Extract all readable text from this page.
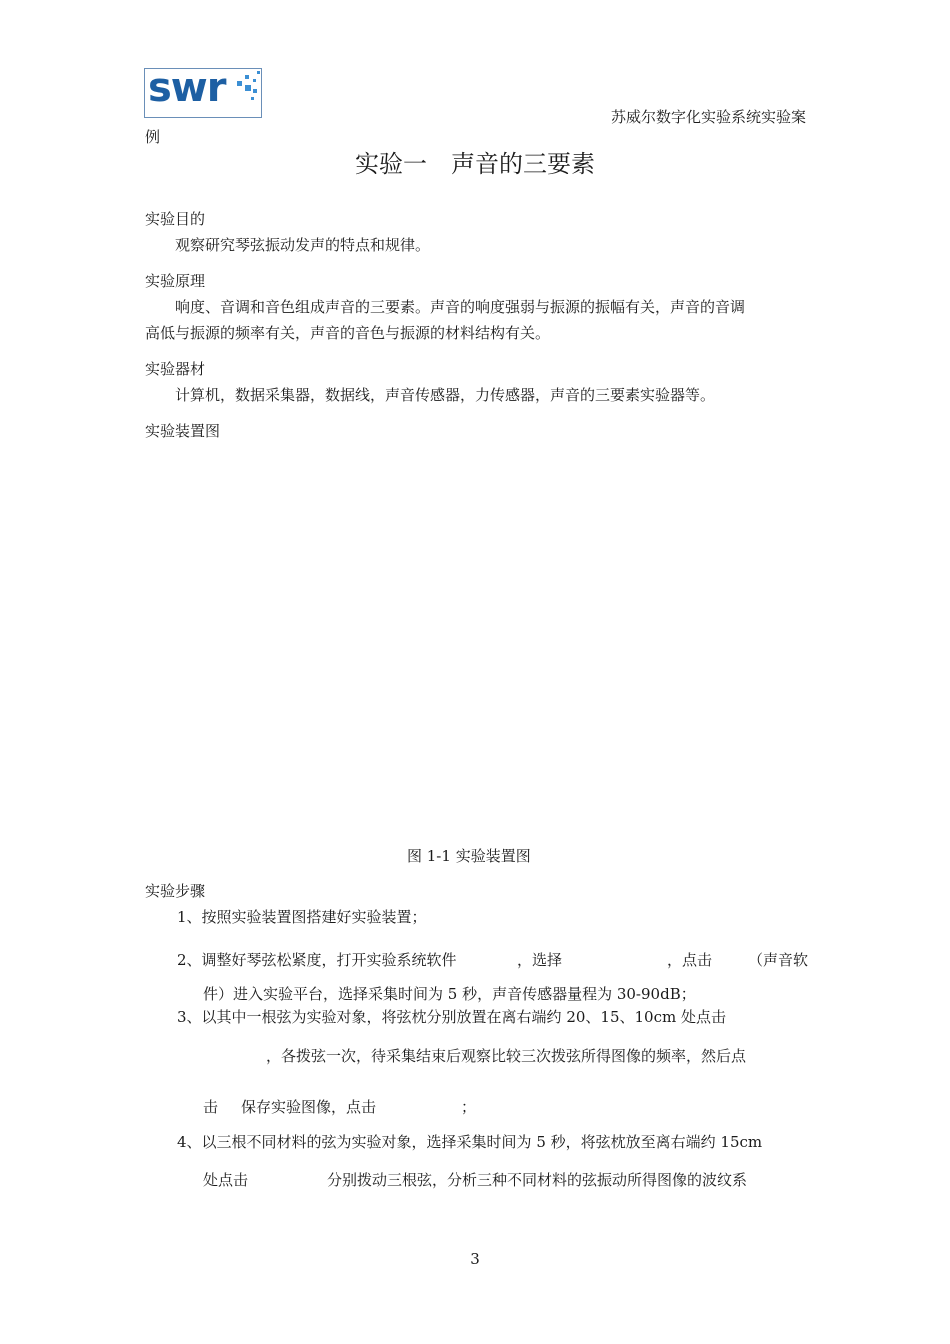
swr
苏威尔数字化实验系统实验案
例
实验一　声音的三要素
实验目的
观察研究琴弦振动发声的特点和规律。
实验原理
响度、音调和音色组成声音的三要素。声音的响度强弱与振源的振幅有关，声音的音调
高低与振源的频率有关，声音的音色与振源的材料结构有关。
实验器材
计算机，数据采集器，数据线，声音传感器，力传感器，声音的三要素实验器等。
实验装置图
图 1-1 实验装置图
实验步骤
1、按照实验装置图搭建好实验装置；
2、调整好琴弦松紧度，打开实验系统软件	，选择	，点击 （声音软
件）进入实验平台，选择采集时间为 5 秒，声音传感器量程为 30-90dB；
3、以其中一根弦为实验对象，将弦枕分别放置在离右端约 20、15、10cm 处点击
，各拨弦一次，待采集结束后观察比较三次拨弦所得图像的频率，然后点
击 保存实验图像，点击	；
4、以三根不同材料的弦为实验对象，选择采集时间为 5 秒，将弦枕放至离右端约 15cm
处点击	分别拨动三根弦，分析三种不同材料的弦振动所得图像的波纹系
3
